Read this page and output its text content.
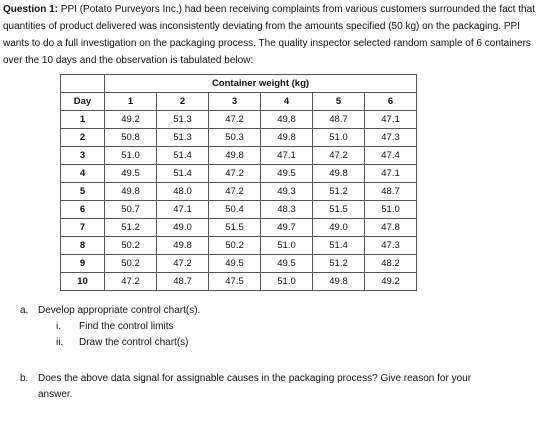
Question 1: PPI (Potato Purveyors Inc.) had been receiving complaints from various customers surrounded the fact that quantities of product delivered was inconsistently deviating from the amounts specified (50 kg) on the packaging. PPI wants to do a full investigation on the packaging process. The quality inspector selected random sample of 6 containers over the 10 days and the observation is tabulated below:
	Container weight (kg)					
Day	1	2	3	4	5	6
1	49.2	51.3	47.2	49.8	48.7	47.1
2	50.8	51.3	50.3	49.8	51.0	47.3
3	51.0	51.4	49.8	47.1	47.2	47.4
4	49.5	51.4	47.2	49.5	49.8	47.1
5	49.8	48.0	47.2	49.3	51.2	48.7
6	50.7	47.1	50.4	48.3	51.5	51.0
7	51.2	49.0	51.5	49.7	49.0	47.8
8	50.2	49.8	50.2	51.0	51.4	47.3
9	50.2	47.2	49.5	49.5	51.2	48.2
10	47.2	48.7	47.5	51.0	49.8	49.2
a. Develop appropriate control chart(s).
i.	Find the control limits
ii.	Draw the control chart(s)
b. Does the above data signal for assignable causes in the packaging process? Give reason for your
answer.
